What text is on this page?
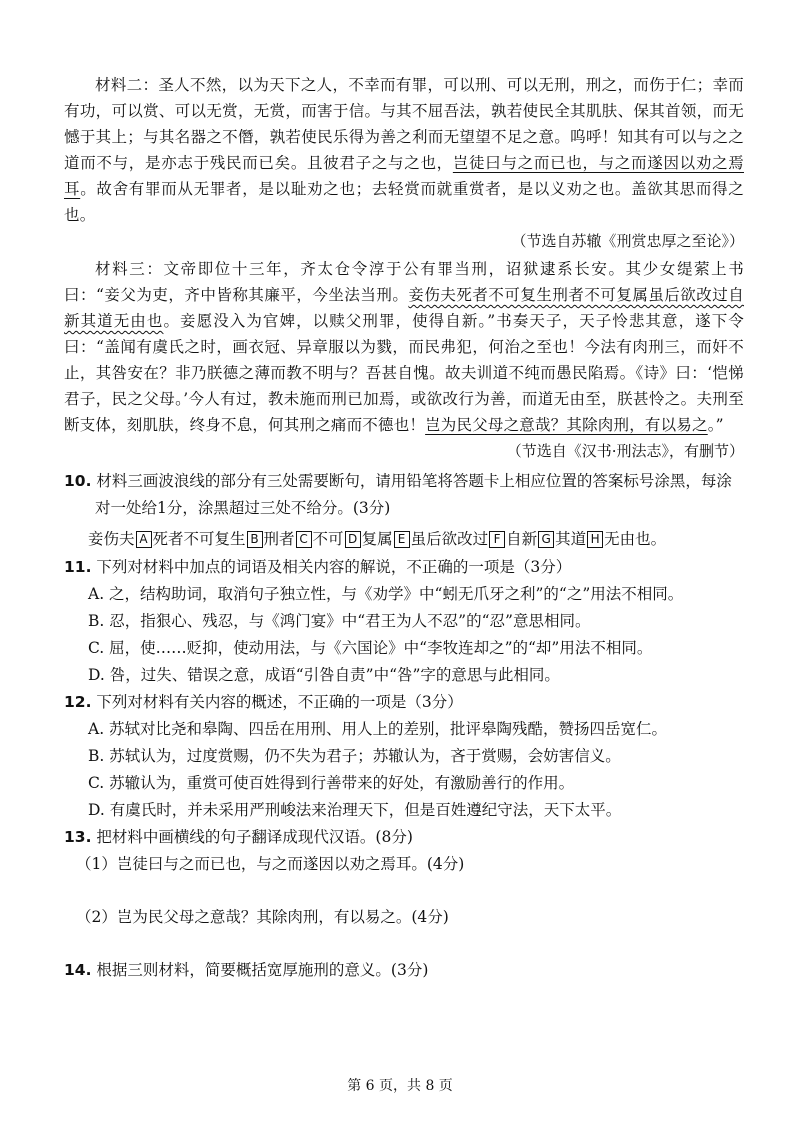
材料二：圣人不然，以为天下之人，不幸而有罪，可以刑、可以无刑，刑之，而伤于仁；幸而有功，可以赏、可以无赏，无赏，而害于信。与其不屈吾法，孰若使民全其肌肤、保其首领，而无憾于其上；与其名器之不僭，孰若使民乐得为善之利而无望望不足之意。呜呼！知其有可以与之之道而不与，是亦志于残民而已矣。且彼君子之与之也，岂徒曰与之而已也，与之而遂因以劝之焉耳。故舍有罪而从无罪者，是以耻劝之也；去轻赏而就重赏者，是以义劝之也。盖欲其思而得之也。

（节选自苏辙《刑赏忠厚之至论》）

材料三：文帝即位十三年，齐太仓令淳于公有罪当刑，诏狱逮系长安。其少女缇萦上书曰：“妾父为吏，齐中皆称其廉平，今坐法当刑。妾伤夫死者不可复生刑者不可复属虽后欲改过自新其道无由也。妾愿没入为官婢，以赎父刑罪，使得自新。”书奏天子，天子怜悲其意，遂下令曰：“盖闻有虞氏之时，画衣冠、异章服以为戮，而民弗犯，何治之至也！今法有肉刑三，而奸不止，其咎安在？非乃朕德之薄而教不明与？吾甚自愧。故夫训道不纯而愚民陷焉。《诗》曰：‘恺悌君子，民之父母。’今人有过，教未施而刑已加焉，或欲改行为善，而道无由至，朕甚怜之。夫刑至断支体，刻肌肤，终身不息，何其刑之痛而不德也！岂为民父母之意哉？其除肉刑，有以易之。”

（节选自《汉书·刑法志》，有删节）

10. 材料三画波浪线的部分有三处需要断句，请用铅笔将答题卡上相应位置的答案标号涂黑，每涂对一处给1分，涂黑超过三处不给分。(3分)

妾伤夫 A 死者不可复生 B 刑者 C 不可 D 复属 E 虽后欲改过 F 自新 G 其道 H 无由也。

11. 下列对材料中加点的词语及相关内容的解说，不正确的一项是（3分）

A. 之，结构助词，取消句子独立性，与《劝学》中“蚓无爪牙之利”的“之”用法不相同。

B. 忍，指狠心、残忍，与《鸿门宴》中“君王为人不忍”的“忍”意思相同。

C. 屈，使……贬抑，使动用法，与《六国论》中“李牧连却之”的“却”用法不相同。

D. 咎，过失、错误之意，成语“引咎自责”中“咎”字的意思与此相同。

12. 下列对材料有关内容的概述，不正确的一项是（3分）

A. 苏轼对比尧和皋陶、四岳在用刑、用人上的差别，批评皋陶残酷，赞扬四岳宽仁。

B. 苏轼认为，过度赏赐，仍不失为君子；苏辙认为，吝于赏赐，会妨害信义。

C. 苏辙认为，重赏可使百姓得到行善带来的好处，有激励善行的作用。

D. 有虞氏时，并未采用严刑峻法来治理天下，但是百姓遵纪守法，天下太平。

13. 把材料中画横线的句子翻译成现代汉语。(8分)

（1）岂徒曰与之而已也，与之而遂因以劝之焉耳。(4分)

（2）岂为民父母之意哉？其除肉刑，有以易之。(4分)

14. 根据三则材料，简要概括宽厚施刑的意义。(3分)

第 6 页，共 8 页
